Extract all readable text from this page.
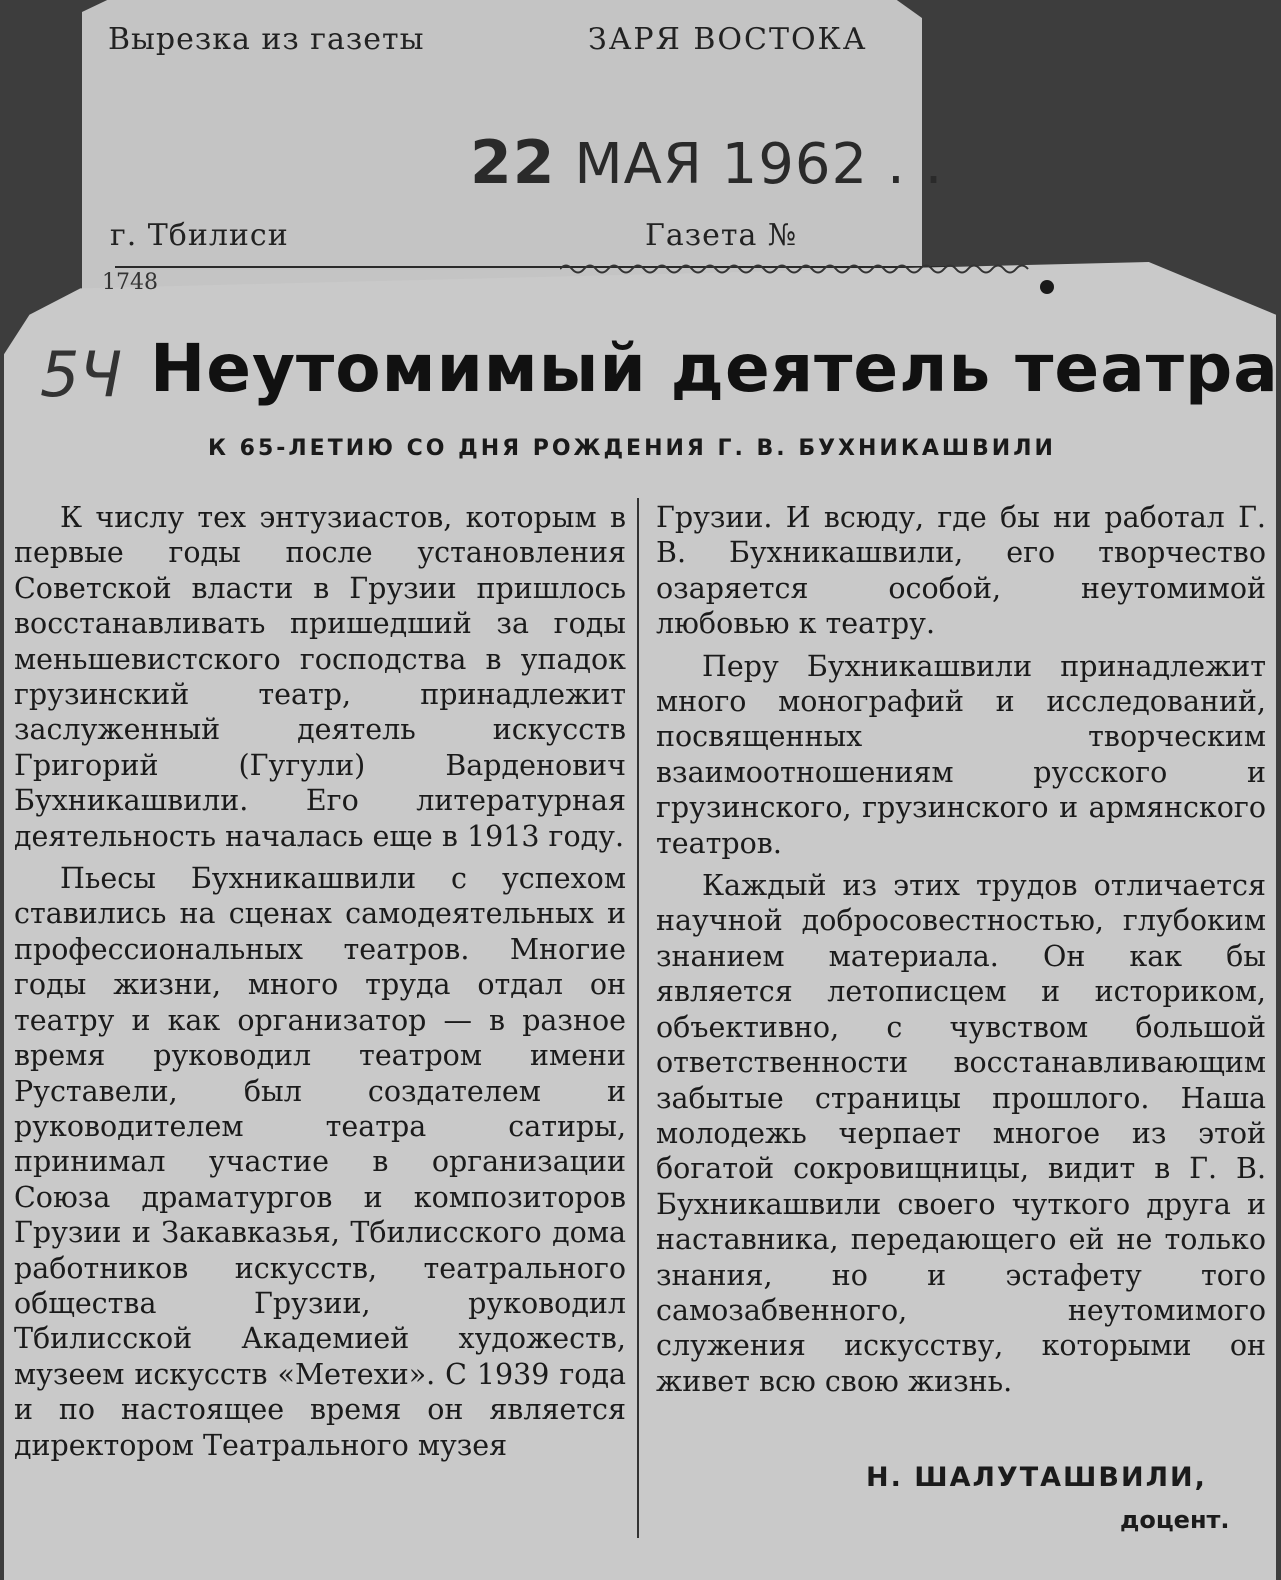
Вырезка из газеты	ЗАРЯ ВОСТОКА
22 МАЯ 1962 . .
г. Тбилиси	Газета №
1748
5Ч Неутомимый деятель театра
К 65-ЛЕТИЮ СО ДНЯ РОЖДЕНИЯ Г. В. БУХНИКАШВИЛИ

К числу тех энтузиастов, которым в первые годы после установления Советской власти в Грузии пришлось восстанавливать пришедший за годы меньшевистского господства в упадок грузинский театр, принадлежит заслуженный деятель искусств Григорий (Гугули) Варденович Бухникашвили. Его литературная деятельность началась еще в 1913 году.

Пьесы Бухникашвили с успехом ставились на сценах самодеятельных и профессиональных театров. Многие годы жизни, много труда отдал он театру и как организатор — в разное время руководил театром имени Руставели, был создателем и руководителем театра сатиры, принимал участие в организации Союза драматургов и композиторов Грузии и Закавказья, Тбилисского дома работников искусств, театрального общества Грузии, руководил Тбилисской Академией художеств, музеем искусств «Метехи». С 1939 года и по настоящее время он является директором Театрального музея

Грузии. И всюду, где бы ни работал Г. В. Бухникашвили, его творчество озаряется особой, неутомимой любовью к театру.

Перу Бухникашвили принадлежит много монографий и исследований, посвященных творческим взаимоотношениям русского и грузинского, грузинского и армянского театров.

Каждый из этих трудов отличается научной добросовестностью, глубоким знанием материала. Он как бы является летописцем и историком, объективно, с чувством большой ответственности восстанавливающим забытые страницы прошлого. Наша молодежь черпает многое из этой богатой сокровищницы, видит в Г. В. Бухникашвили своего чуткого друга и наставника, передающего ей не только знания, но и эстафету того самозабвенного, неутомимого служения искусству, которыми он живет всю свою жизнь.

Н. ШАЛУТАШВИЛИ,
доцент.
